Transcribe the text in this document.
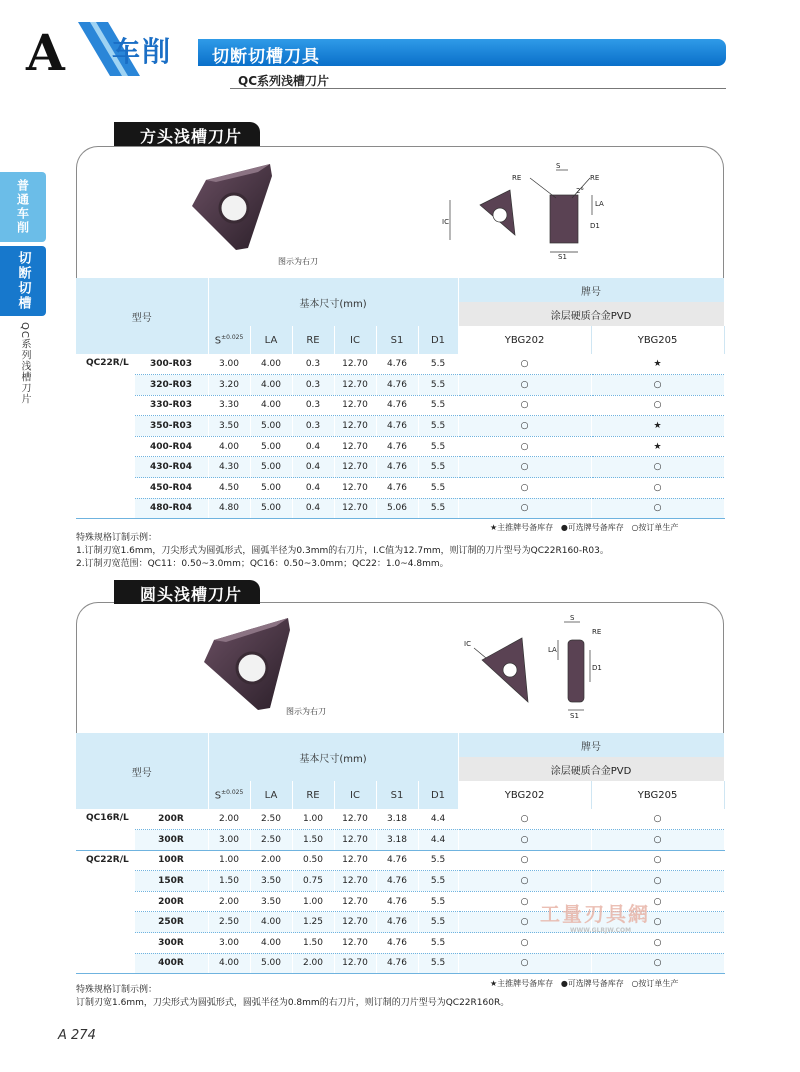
A 车削 切断切槽刀具
QC系列浅槽刀片
普通车削
切断切槽
QC系列浅槽刀片
方头浅槽刀片
图示为右刀
RE
S
RE
2°
LA
IC	D1
S1
型号		基本尺寸(mm)						牌号	
								涂层硬质合金PVD	
		$S^{\pm 0.025}$	LA	RE	IC	S1	D1	YBG202	YBG205
QC22R/L	300-R03	3.00	4.00	0.3	12.70	4.76	5.5	○	★
	320-R03	3.20	4.00	0.3	12.70	4.76	5.5	○	○
	330-R03	3.30	4.00	0.3	12.70	4.76	5.5	○	○
	350-R03	3.50	5.00	0.3	12.70	4.76	5.5	○	★
	400-R04	4.00	5.00	0.4	12.70	4.76	5.5	○	★
	430-R04	4.30	5.00	0.4	12.70	4.76	5.5	○	○
	450-R04	4.50	5.00	0.4	12.70	4.76	5.5	○	○
	480-R04	4.80	5.00	0.4	12.70	5.06	5.5	○	○
★主推牌号备库存 ●可选牌号备库存 ○按订单生产
特殊规格订制示例：
1.订制刃宽1.6mm，刀尖形式为圆弧形式，圆弧半径为0.3mm的右刀片，I.C值为12.7mm，则订制的刀片型号为QC22R160-R03。
2.订制刃宽范围：QC11：0.50~3.0mm；QC16：0.50~3.0mm；QC22：1.0~4.8mm。
圆头浅槽刀片
图示为右刀
S
LA
RE
IC
D1
S1
型号		基本尺寸(mm)						牌号	
								涂层硬质合金PVD	
		$S^{\pm 0.025}$	LA	RE	IC	S1	D1	YBG202	YBG205
QC16R/L	200R	2.00	2.50	1.00	12.70	3.18	4.4	○	○
	300R	3.00	2.50	1.50	12.70	3.18	4.4	○	○
QC22R/L	100R	1.00	2.00	0.50	12.70	4.76	5.5	○	○
	150R	1.50	3.50	0.75	12.70	4.76	5.5	○	○
	200R	2.00	3.50	1.00	12.70	4.76	5.5	○	○
	250R	2.50	4.00	1.25	12.70	4.76	5.5	○	○
	300R	3.00	4.00	1.50	12.70	4.76	5.5	○	○
	400R	4.00	5.00	2.00	12.70	4.76	5.5	○	○
★主推牌号备库存 ●可选牌号备库存 ○按订单生产
特殊规格订制示例：
订制刃宽1.6mm，刀尖形式为圆弧形式，圆弧半径为0.8mm的右刀片，则订制的刀片型号为QC22R160R。
工量刃具網
WWW.GLRJW.COM
A 274
